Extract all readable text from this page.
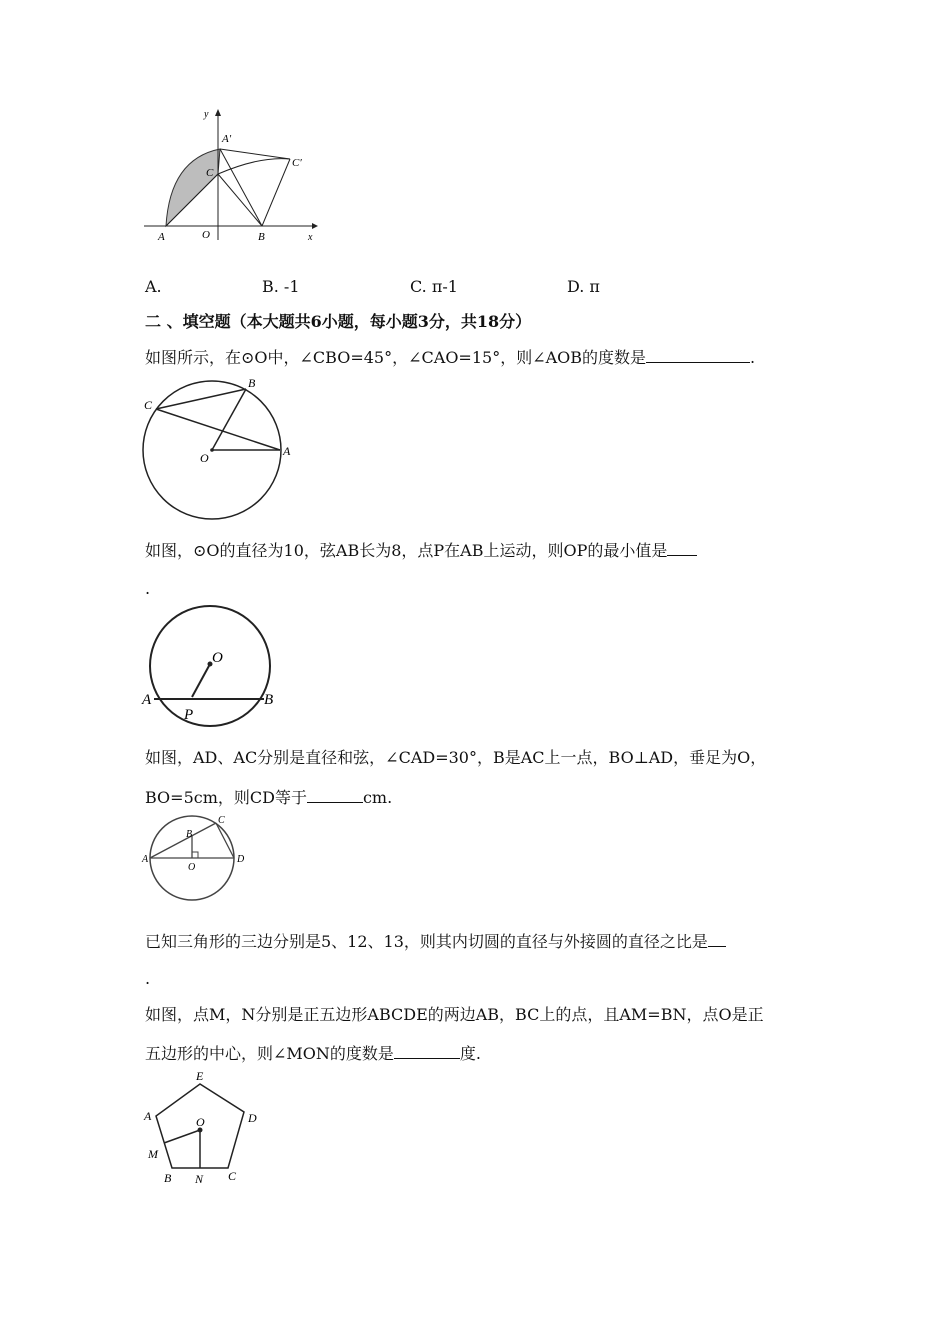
y
A′
C
C′
A	O	B	x
A.	B. -1	C. π-1	D. π
二 、填空题（本大题共6小题，每小题3分，共18分）
如图所示，在⊙O中，∠CBO=45°，∠CAO=15°，则∠AOB的度数是	.
C
B
O	A
如图，⊙O的直径为10，弦AB长为8，点P在AB上运动，则OP的最小值是
.
O
A
P
B
如图，AD、AC分别是直径和弦，∠CAD=30°，B是AC上一点，BO⊥AD，垂足为O，
BO=5cm，则CD等于	cm.
A
B
C
D
O
已知三角形的三边分别是5、12、13，则其内切圆的直径与外接圆的直径之比是
.
如图，点M，N分别是正五边形ABCDE的两边AB，BC上的点，且AM=BN，点O是正
五边形的中心，则∠MON的度数是	度.
E
A	D
O
M
B N C
